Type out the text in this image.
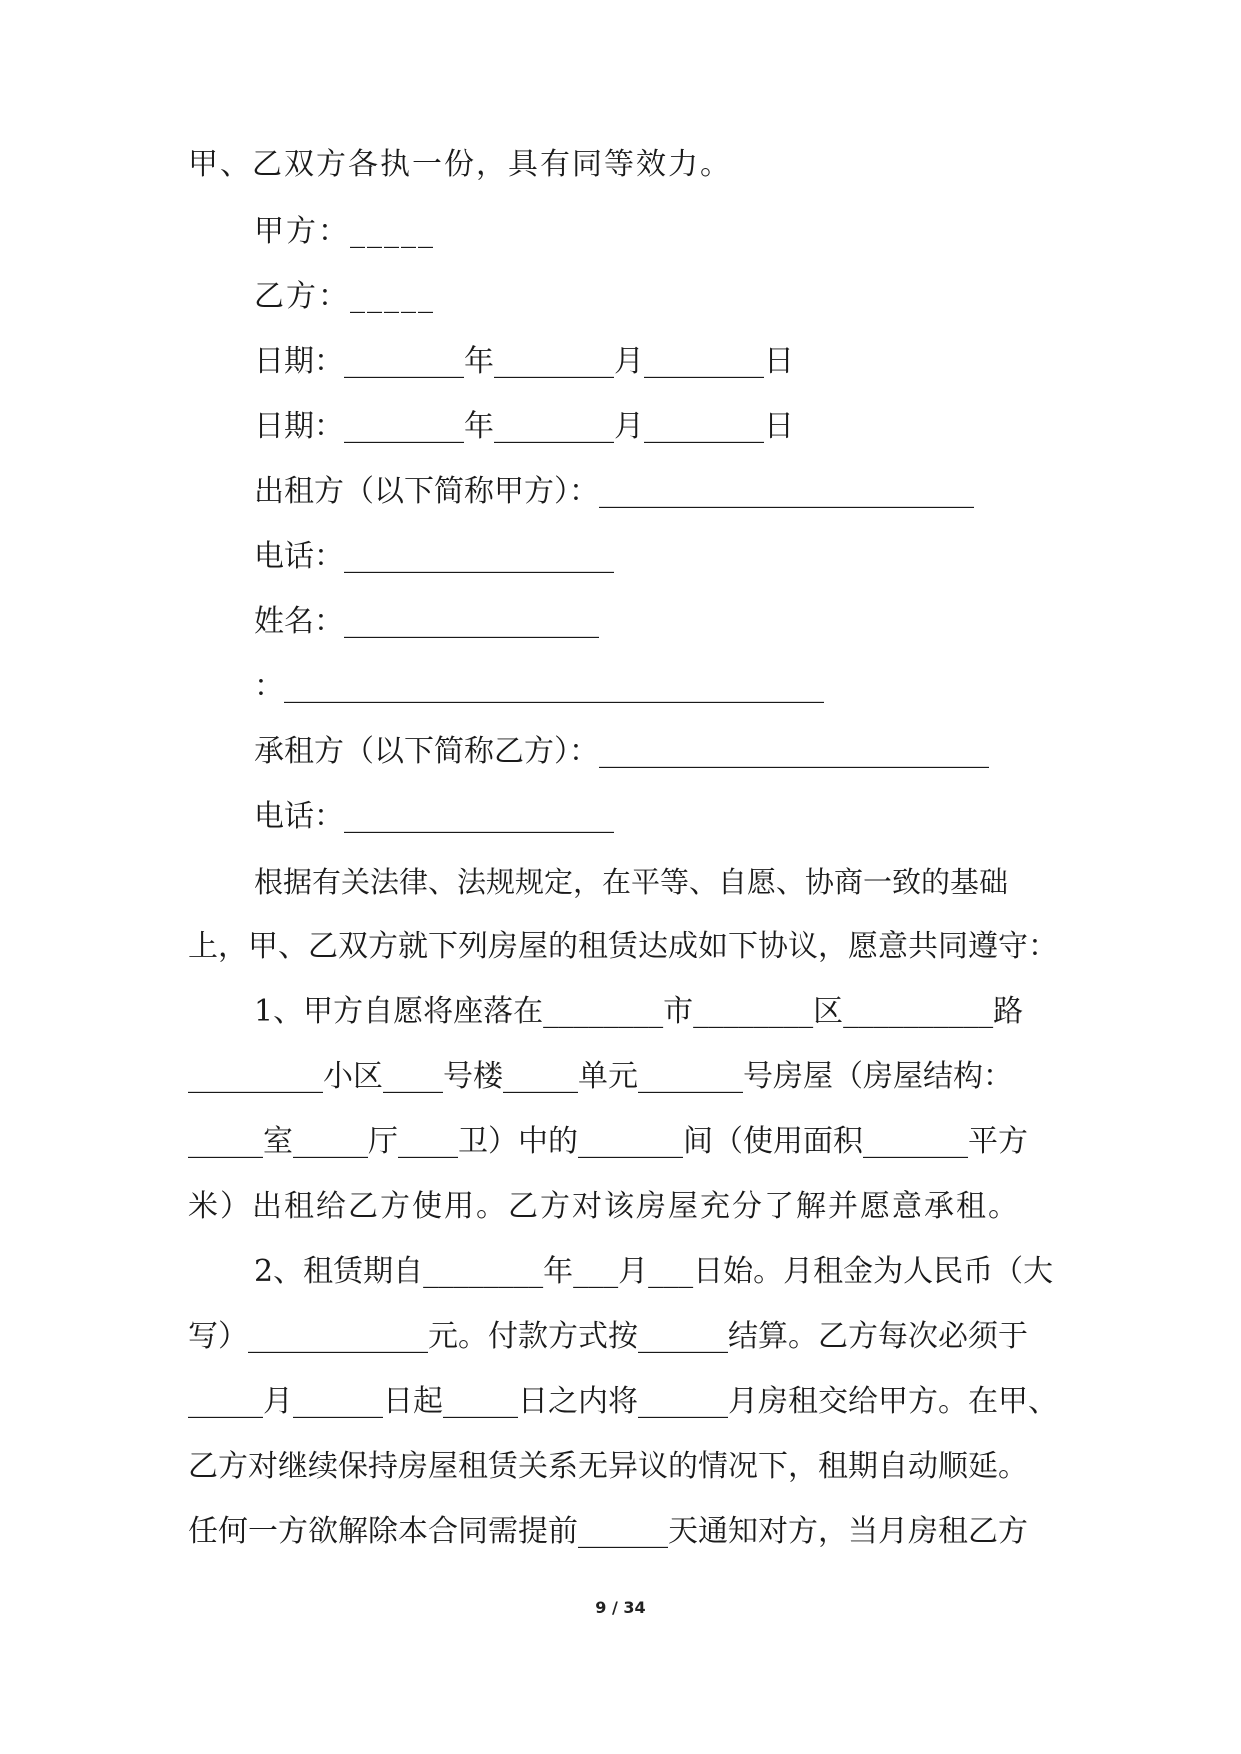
甲、乙双方各执一份，具有同等效力。
甲方：_____
乙方：_____
日期：________年________月________日
日期：________年________月________日
出租方（以下简称甲方）：_________________________
电话：__________________
姓名：_________________
：____________________________________
承租方（以下简称乙方）：__________________________
电话：__________________
根据有关法律、法规规定，在平等、自愿、协商一致的基础
上，甲、乙双方就下列房屋的租赁达成如下协议，愿意共同遵守：
1、甲方自愿将座落在________市________区__________路
_________小区____号楼_____单元_______号房屋（房屋结构：
_____室_____厅____卫）中的_______间（使用面积_______平方
米）出租给乙方使用。乙方对该房屋充分了解并愿意承租。
2、租赁期自________年___月___日始。月租金为人民币（大
写）____________元。付款方式按______结算。乙方每次必须于
_____月______日起_____日之内将______月房租交给甲方。在甲、
乙方对继续保持房屋租赁关系无异议的情况下，租期自动顺延。
任何一方欲解除本合同需提前______天通知对方，当月房租乙方
9 / 34
